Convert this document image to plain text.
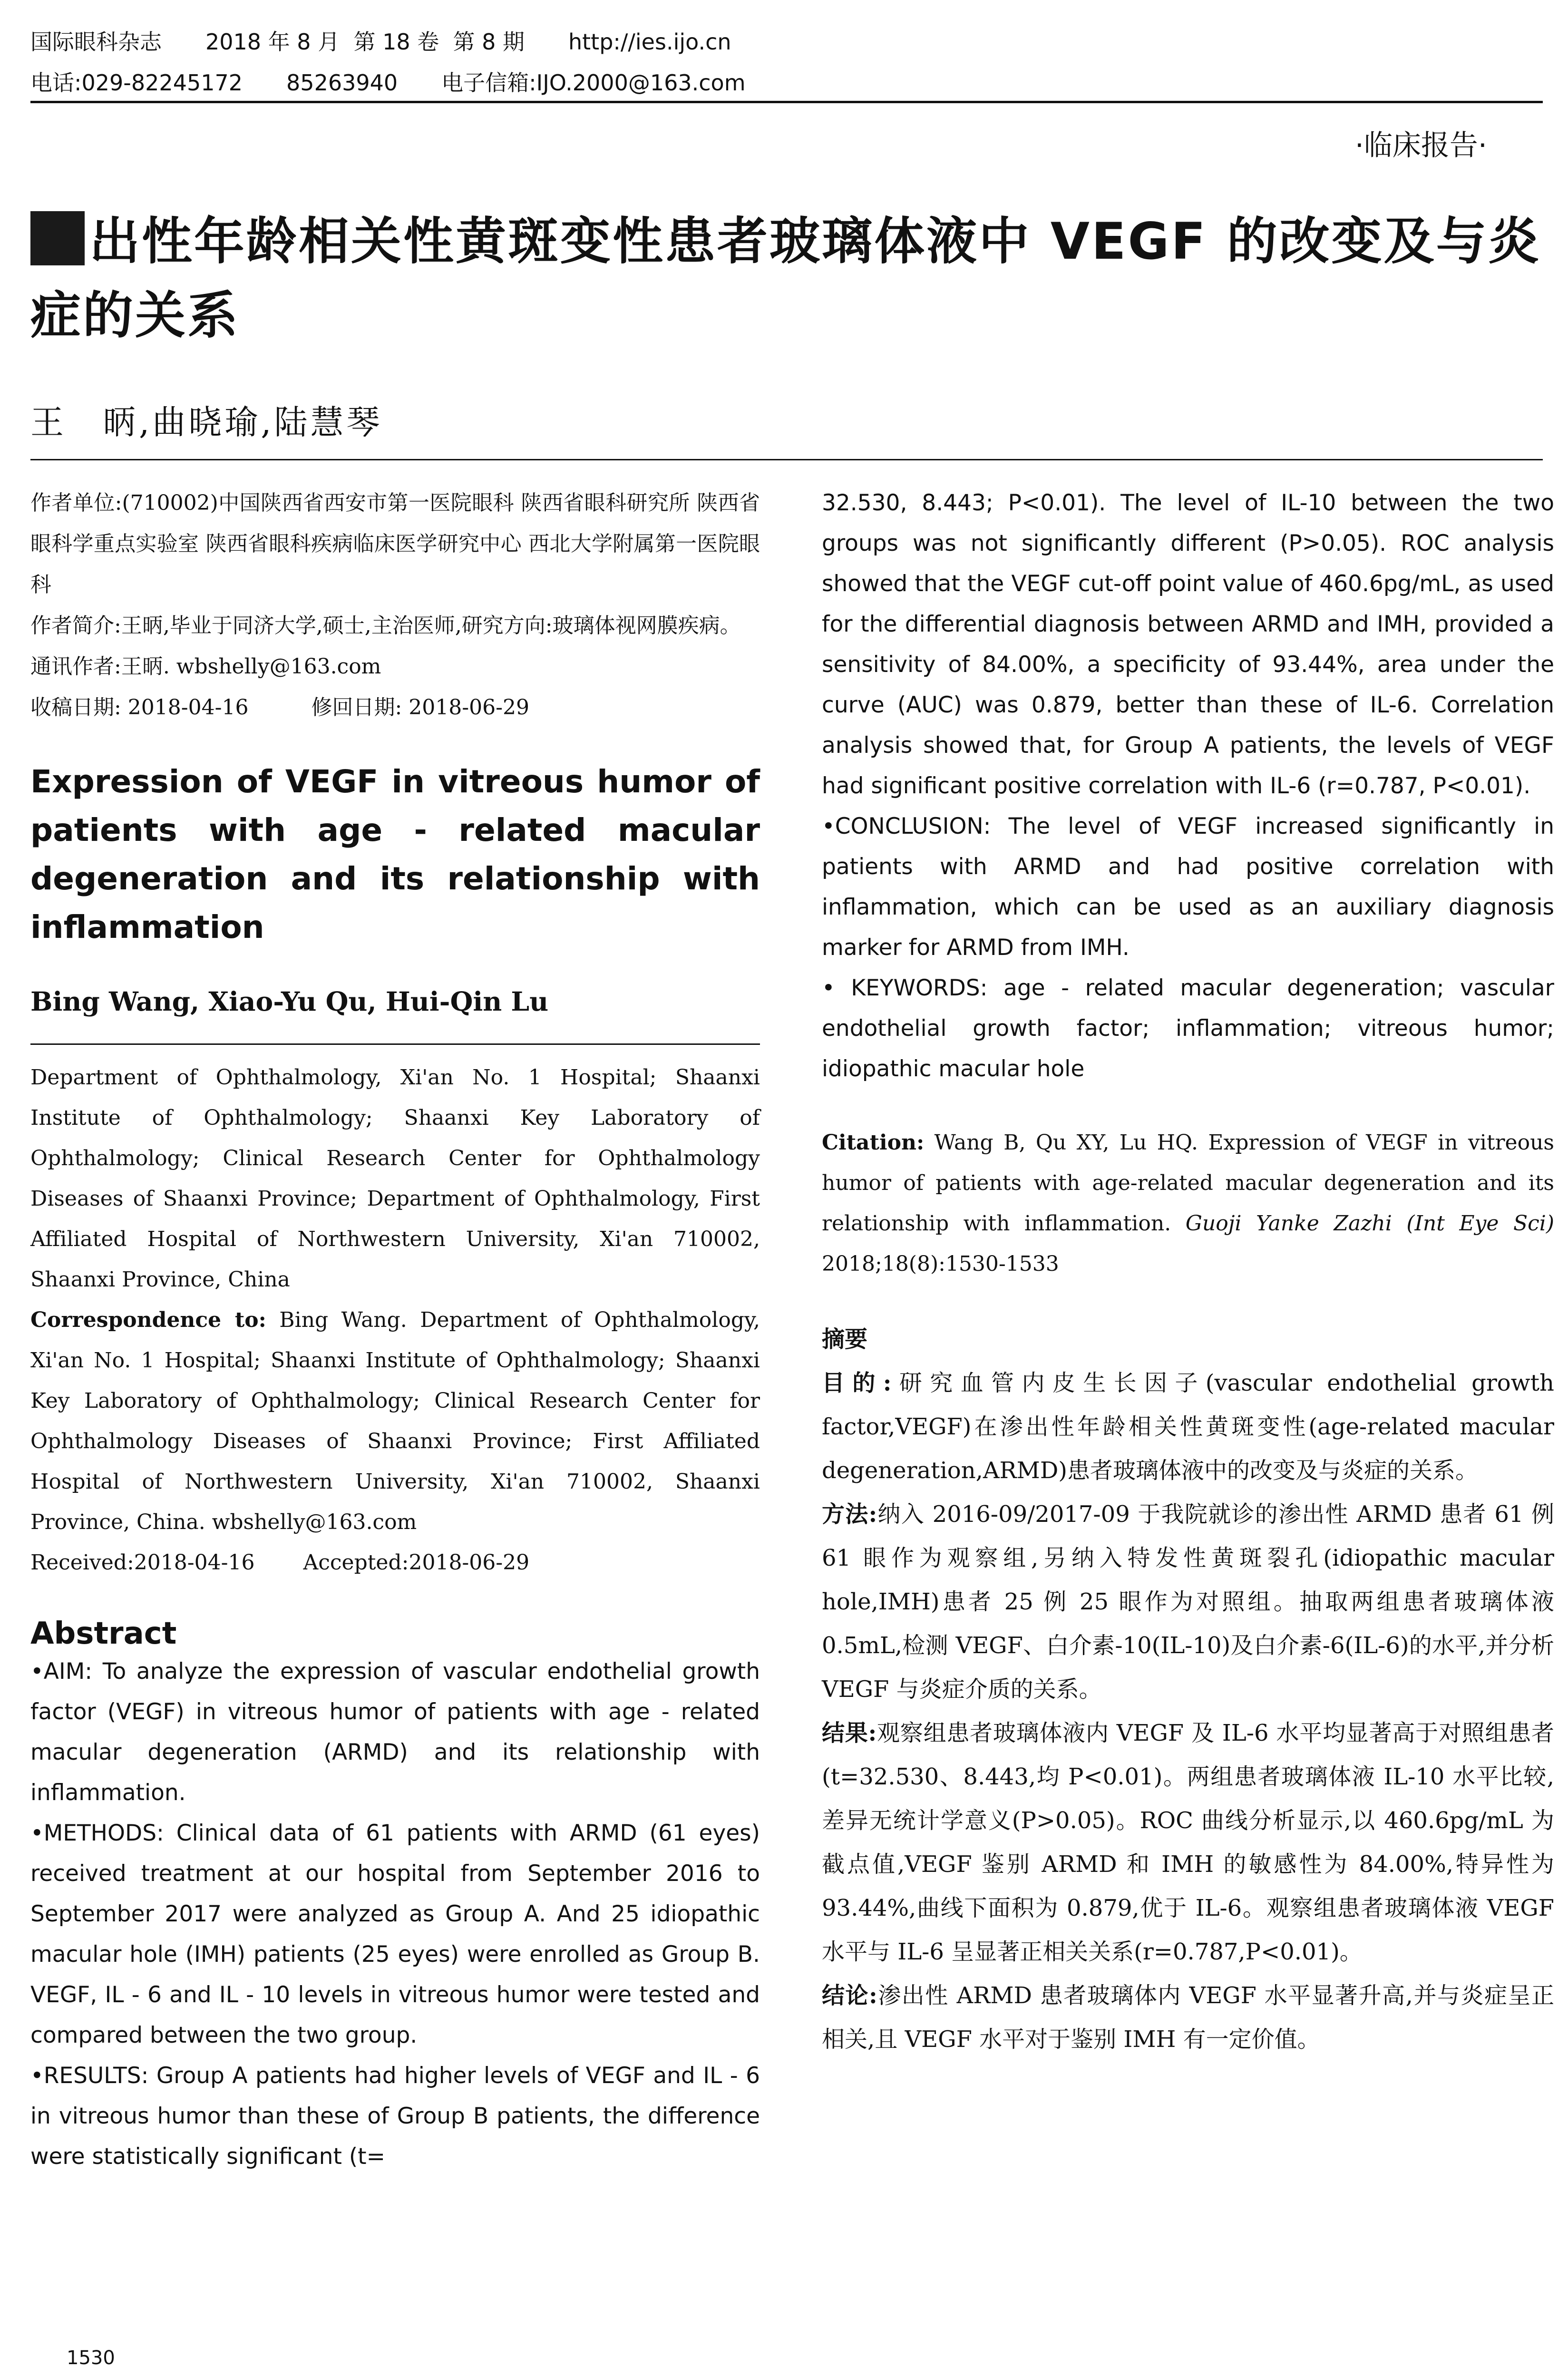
国际眼科杂志　　 2018 年 8 月  第 18 卷  第 8 期　　 http://ies.ijo.cn
电话:029-82245172　　 85263940　　 电子信箱:IJO.2000@163.com
·临床报告·
出性年龄相关性黄斑变性患者玻璃体液中 VEGF 的改变及与炎症的关系
王　昞,曲晓瑜,陆慧琴

作者单位:(710002)中国陕西省西安市第一医院眼科 陕西省眼科研究所 陕西省眼科学重点实验室 陕西省眼科疾病临床医学研究中心 西北大学附属第一医院眼科

作者简介:王昞,毕业于同济大学,硕士,主治医师,研究方向:玻璃体视网膜疾病。

通讯作者:王昞. wbshelly@163.com

收稿日期: 2018-04-16　　　修回日期: 2018-06-29

Expression of VEGF in vitreous humor of patients with age - related macular degeneration and its relationship with inflammation

Bing Wang, Xiao-Yu Qu, Hui-Qin Lu

Department of Ophthalmology, Xi'an No. 1 Hospital; Shaanxi Institute of Ophthalmology; Shaanxi Key Laboratory of Ophthalmology; Clinical Research Center for Ophthalmology Diseases of Shaanxi Province; Department of Ophthalmology, First Affiliated Hospital of Northwestern University, Xi'an 710002, Shaanxi Province, China

Correspondence to: Bing Wang. Department of Ophthalmology, Xi'an No. 1 Hospital; Shaanxi Institute of Ophthalmology; Shaanxi Key Laboratory of Ophthalmology; Clinical Research Center for Ophthalmology Diseases of Shaanxi Province; First Affiliated Hospital of Northwestern University, Xi'an 710002, Shaanxi Province, China. wbshelly@163.com

Received:2018-04-16　　 Accepted:2018-06-29

Abstract

•AIM: To analyze the expression of vascular endothelial growth factor (VEGF) in vitreous humor of patients with age - related macular degeneration (ARMD) and its relationship with inflammation.

•METHODS: Clinical data of 61 patients with ARMD (61 eyes) received treatment at our hospital from September 2016 to September 2017 were analyzed as Group A. And 25 idiopathic macular hole (IMH) patients (25 eyes) were enrolled as Group B. VEGF, IL - 6 and IL - 10 levels in vitreous humor were tested and compared between the two group.

•RESULTS: Group A patients had higher levels of VEGF and IL - 6 in vitreous humor than these of Group B patients, the difference were statistically significant (t=

32.530, 8.443; P<0.01). The level of IL-10 between the two groups was not significantly different (P>0.05). ROC analysis showed that the VEGF cut-off point value of 460.6pg/mL, as used for the differential diagnosis between ARMD and IMH, provided a sensitivity of 84.00%, a specificity of 93.44%, area under the curve (AUC) was 0.879, better than these of IL-6. Correlation analysis showed that, for Group A patients, the levels of VEGF had significant positive correlation with IL-6 (r=0.787, P<0.01).

•CONCLUSION: The level of VEGF increased significantly in patients with ARMD and had positive correlation with inflammation, which can be used as an auxiliary diagnosis marker for ARMD from IMH.

• KEYWORDS: age - related macular degeneration; vascular endothelial growth factor; inflammation; vitreous humor; idiopathic macular hole

Citation: Wang B, Qu XY, Lu HQ. Expression of VEGF in vitreous humor of patients with age-related macular degeneration and its relationship with inflammation. Guoji Yanke Zazhi (Int Eye Sci) 2018;18(8):1530-1533

摘要

目的:研究血管内皮生长因子(vascular endothelial growth factor,VEGF)在渗出性年龄相关性黄斑变性(age-related macular degeneration,ARMD)患者玻璃体液中的改变及与炎症的关系。

方法:纳入 2016-09/2017-09 于我院就诊的渗出性 ARMD 患者 61 例 61 眼作为观察组,另纳入特发性黄斑裂孔(idiopathic macular hole,IMH)患者 25 例 25 眼作为对照组。抽取两组患者玻璃体液 0.5mL,检测 VEGF、白介素-10(IL-10)及白介素-6(IL-6)的水平,并分析 VEGF 与炎症介质的关系。

结果:观察组患者玻璃体液内 VEGF 及 IL-6 水平均显著高于对照组患者(t=32.530、8.443,均 P<0.01)。两组患者玻璃体液 IL-10 水平比较,差异无统计学意义(P>0.05)。ROC 曲线分析显示,以 460.6pg/mL 为截点值,VEGF 鉴别 ARMD 和 IMH 的敏感性为 84.00%,特异性为 93.44%,曲线下面积为 0.879,优于 IL-6。观察组患者玻璃体液 VEGF 水平与 IL-6 呈显著正相关关系(r=0.787,P<0.01)。

结论:渗出性 ARMD 患者玻璃体内 VEGF 水平显著升高,并与炎症呈正相关,且 VEGF 水平对于鉴别 IMH 有一定价值。

1530
